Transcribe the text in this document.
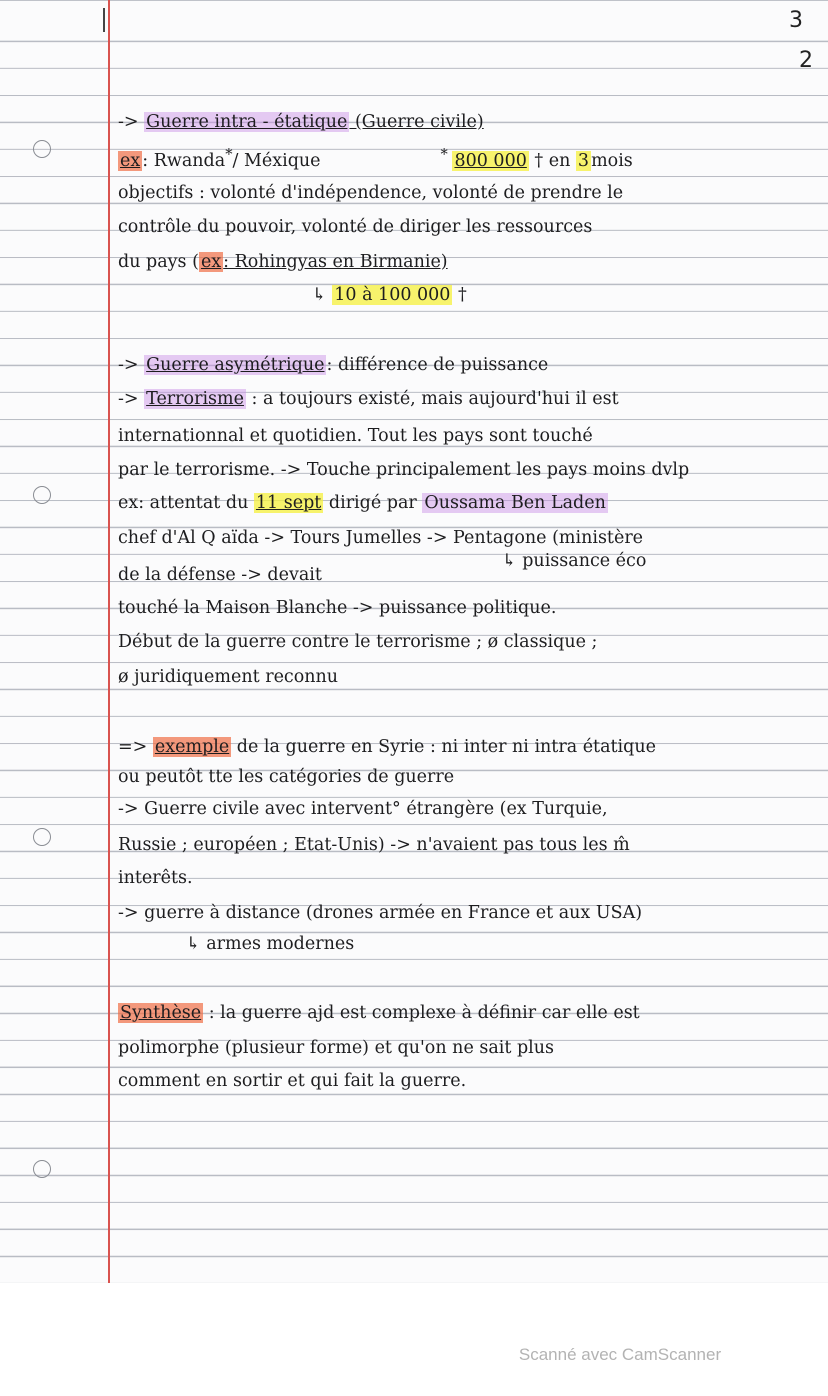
3
2
-> Guerre intra - étatique (Guerre civile)
ex : Rwanda*/ Méxique	* 800 000 † en 3 mois
objectifs : volonté d'indépendence, volonté de prendre le
contrôle du pouvoir, volonté de diriger les ressources
du pays ( ex : Rohingyas en Birmanie)
↳ 10 à 100 000 †
-> Guerre asymétrique : différence de puissance
-> Terrorisme : a toujours existé, mais aujourd'hui il est
internationnal et quotidien. Tout les pays sont touché
par le terrorisme. -> Touche principalement les pays moins dvlp
ex: attentat du 11 sept dirigé par Oussama Ben Laden
chef d'Al Q aïda -> Tours Jumelles -> Pentagone (ministère
↳ puissance éco
de la défense -> devait
touché la Maison Blanche -> puissance politique.
Début de la guerre contre le terrorisme ; ø classique ;
ø juridiquement reconnu
=> exemple de la guerre en Syrie : ni inter ni intra étatique
ou peutôt tte les catégories de guerre
-> Guerre civile avec intervent° étrangère (ex Turquie,
Russie ; européen ; Etat-Unis) -> n'avaient pas tous les m̂
interêts.
-> guerre à distance (drones armée en France et aux USA)
↳ armes modernes
Synthèse : la guerre ajd est complexe à définir car elle est
polimorphe (plusieur forme) et qu'on ne sait plus
comment en sortir et qui fait la guerre.
Scanné avec CamScanner
